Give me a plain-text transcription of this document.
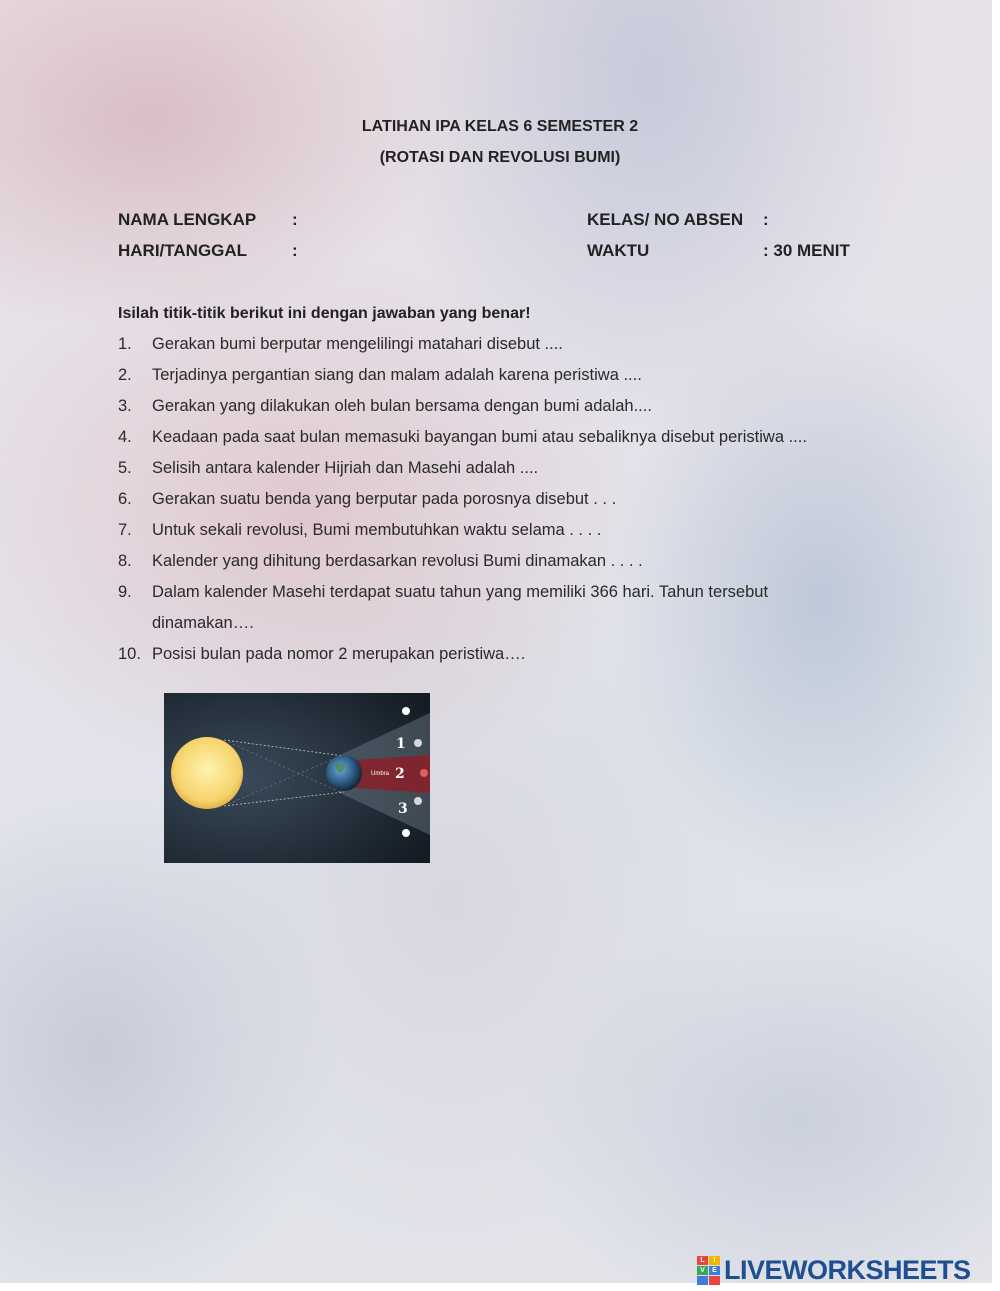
LATIHAN IPA KELAS 6 SEMESTER 2
(ROTASI DAN REVOLUSI BUMI)
NAMA LENGKAP :	KELAS/ NO ABSEN :
HARI/TANGGAL	:	WAKTU	: 30 MENIT
Isilah titik-titik berikut ini dengan jawaban yang benar!
1. Gerakan bumi berputar mengelilingi matahari disebut ....
2. Terjadinya pergantian siang dan malam adalah karena peristiwa ....
3. Gerakan yang dilakukan oleh bulan bersama dengan bumi adalah....
4. Keadaan pada saat bulan memasuki bayangan bumi atau sebaliknya disebut peristiwa ....
5. Selisih antara kalender Hijriah dan Masehi adalah ....
6. Gerakan suatu benda yang berputar pada porosnya disebut . . .
7. Untuk sekali revolusi, Bumi membutuhkan waktu selama . . . .
8. Kalender yang dihitung berdasarkan revolusi Bumi dinamakan . . . .
9. Dalam kalender Masehi terdapat suatu tahun yang memiliki 366 hari. Tahun tersebut dinamakan….
10. Posisi bulan pada nomor 2 merupakan peristiwa….
1
2
3
Umbra
L	I
V	E LIVEWORKSHEETS
